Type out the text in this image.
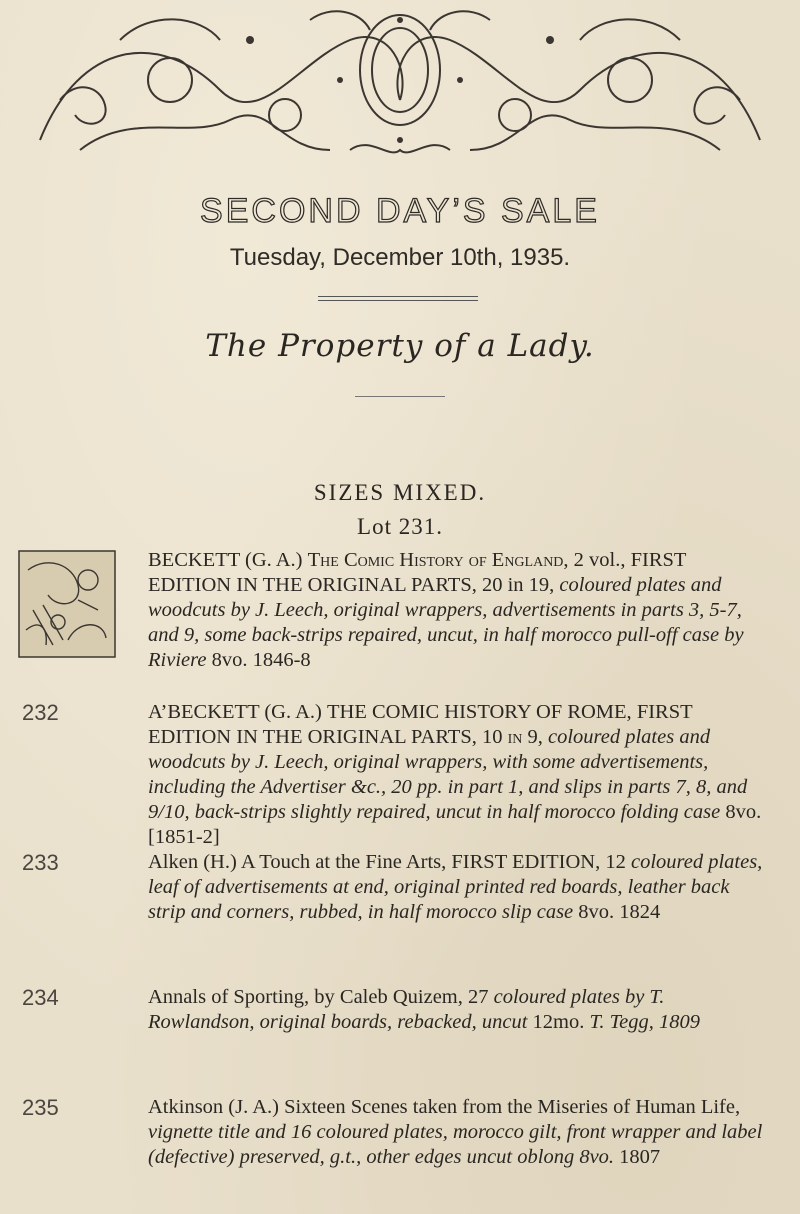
SECOND DAY’S SALE
Tuesday, December 10th, 1935.
The Property of a Lady.
SIZES MIXED.
Lot 231.
BECKETT (G. A.) The Comic History of England, 2 vol., FIRST EDITION IN THE ORIGINAL PARTS, 20 in 19, coloured plates and woodcuts by J. Leech, original wrappers, advertisements in parts 3, 5-7, and 9, some back-strips repaired, uncut, in half morocco pull-off case by Riviere 8vo. 1846-8
232	A’BECKETT (G. A.) THE COMIC HISTORY OF ROME, FIRST EDITION IN THE ORIGINAL PARTS, 10 in 9, coloured plates and woodcuts by J. Leech, original wrappers, with some advertisements, including the Advertiser &c., 20 pp. in part 1, and slips in parts 7, 8, and 9/10, back-strips slightly repaired, uncut in half morocco folding case 8vo. [1851-2]
233	Alken (H.) A Touch at the Fine Arts, FIRST EDITION, 12 coloured plates, leaf of advertisements at end, original printed red boards, leather back strip and corners, rubbed, in half morocco slip case 8vo. 1824
234	Annals of Sporting, by Caleb Quizem, 27 coloured plates by T. Rowlandson, original boards, rebacked, uncut 12mo. T. Tegg, 1809
235	Atkinson (J. A.) Sixteen Scenes taken from the Miseries of Human Life, vignette title and 16 coloured plates, morocco gilt, front wrapper and label (defective) preserved, g.t., other edges uncut oblong 8vo. 1807
